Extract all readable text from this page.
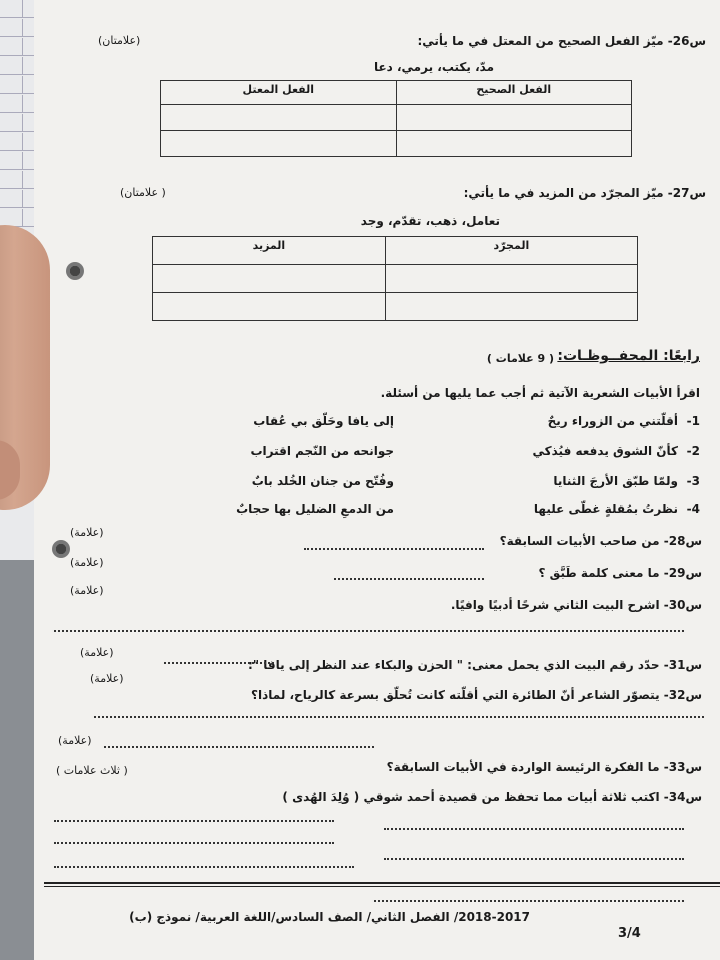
س26- ميّز الفعل الصحيح من المعتل في ما يأتي:
(علامتان)
مدّ، يكتب، يرمي، دعا
الفعل الصحيح	الفعل المعتل

س27- ميّز المجرّد من المزيد في ما يأتي:
( علامتان)
تعامل، ذهب، تقدّم، وجد
المجرّد	المزيد

رابعًا: المحفــوظـات:
( 9 علامات )
اقرأ الأبيات الشعرية الآتية ثم أجب عما يليها من أسئلة.
1-
أقلّتني من الزوراء ريحٌ
إلى يافا وحَلّق بي عُقاب
2-
كأنّ الشوق يدفعه فيُذكي
جوانحه من النّجم اقتراب
3-
ولمّا طبّق الأرجَ الثنايا
وفُتّح من جنان الخُلد بابٌ
4-
نظرتُ بمُقلةٍ غطّى عليها
من الدمعِ الضليل بها حجابٌ
س28- من صاحب الأبيات السابقة؟
(علامة)
س29- ما معنى كلمة طَبَّق ؟
(علامة)
(علامة)
س30- اشرح البيت الثاني شرحًا أدبيًا وافيًا.
س31- حدّد رقم البيت الذي يحمل معنى: " الحزن والبكاء عند النظر إلى يافا ":
(علامة)
س32- يتصوّر الشاعر أنّ الطائرة التي أقلّته كانت تُحلّق بسرعة كالرياح، لماذا؟
(علامة)
(علامة)
س33- ما الفكرة الرئيسة الواردة في الأبيات السابقة؟
( ثلاث علامات )
س34- اكتب ثلاثة أبيات مما تحفظ من قصيدة أحمد شوقي ( وُلِدَ الهُدى )
2018-2017/ الفصل الثاني/ الصف السادس/اللغة العربية/ نموذج (ب)
3/4
